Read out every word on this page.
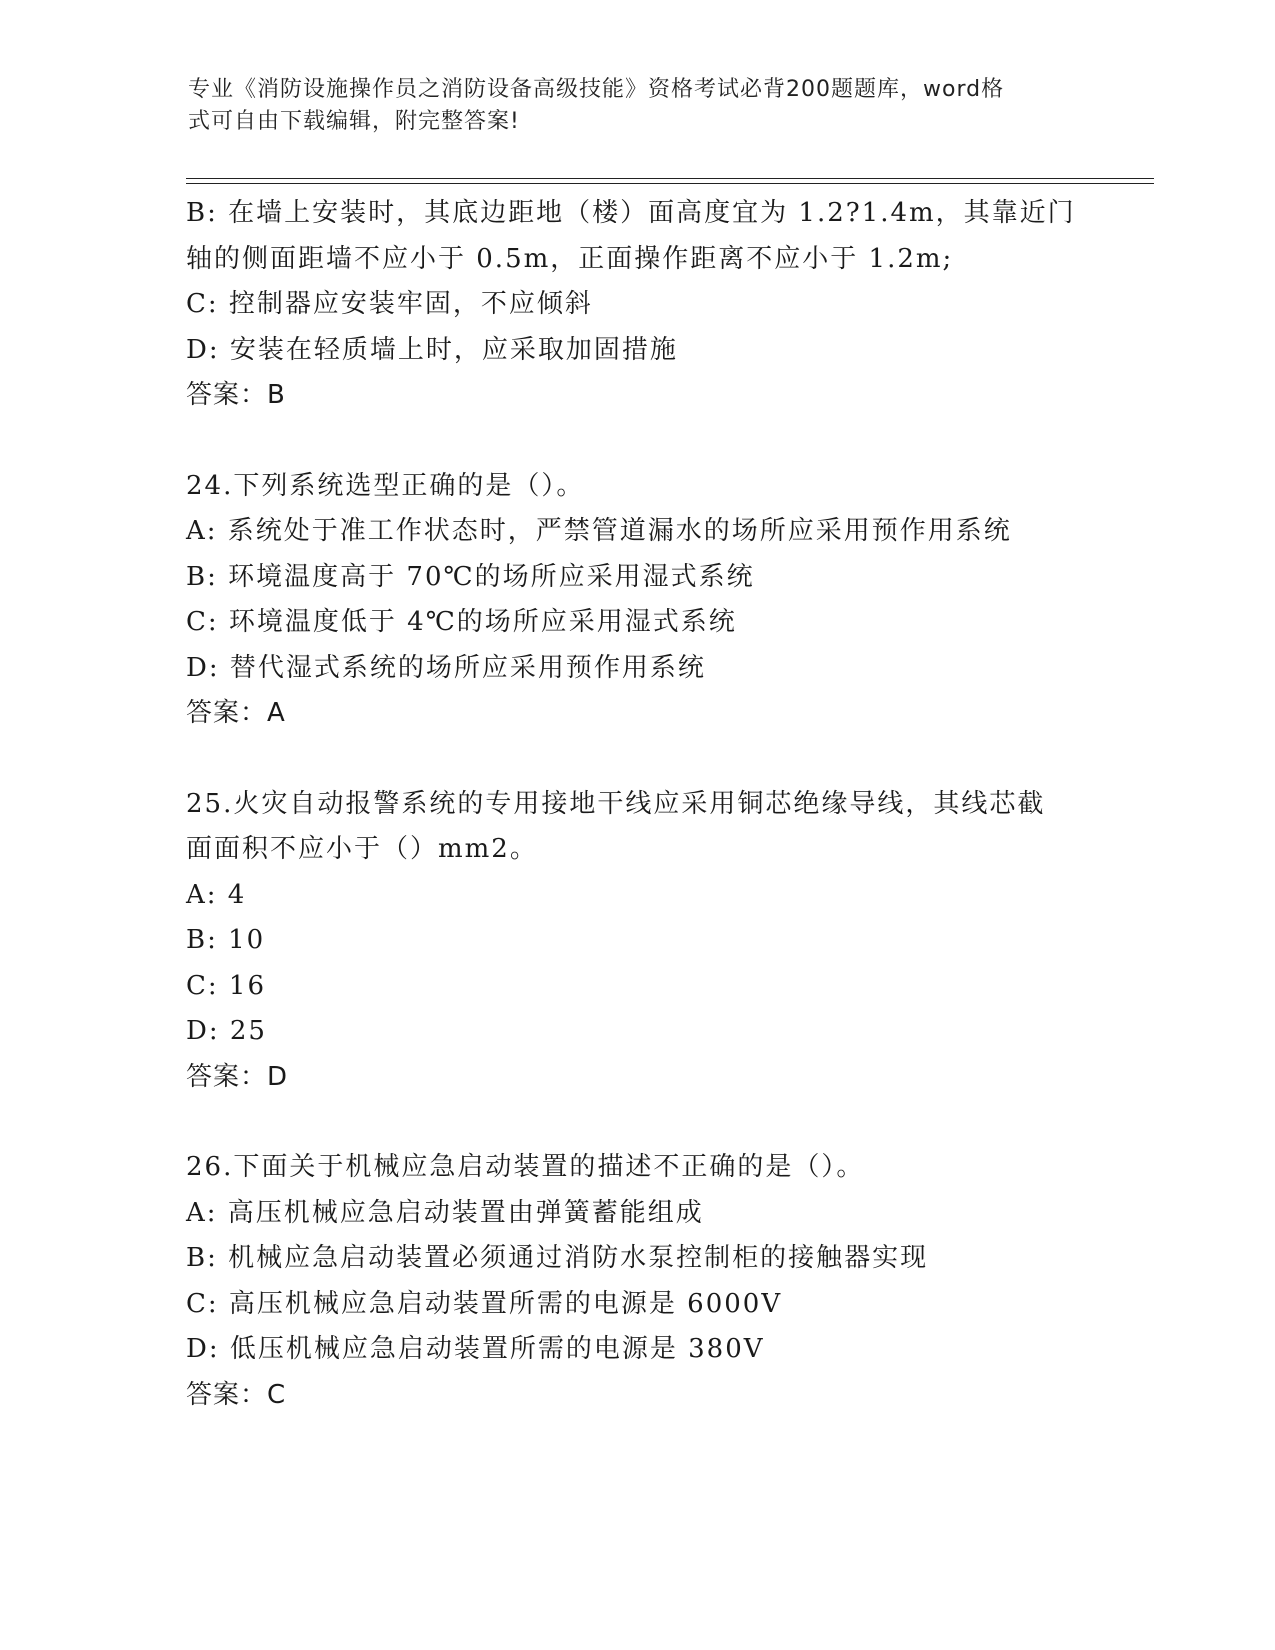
专业《消防设施操作员之消防设备高级技能》资格考试必背200题题库，word格
式可自由下载编辑，附完整答案!
B: 在墙上安装时，其底边距地（楼）面高度宜为 1.2?1.4m，其靠近门
轴的侧面距墙不应小于 0.5m，正面操作距离不应小于 1.2m;
C: 控制器应安装牢固，不应倾斜
D: 安装在轻质墙上时，应采取加固措施
答案：B
24.下列系统选型正确的是（）。
A: 系统处于准工作状态时，严禁管道漏水的场所应采用预作用系统
B: 环境温度高于 70℃的场所应采用湿式系统
C: 环境温度低于 4℃的场所应采用湿式系统
D: 替代湿式系统的场所应采用预作用系统
答案：A
25.火灾自动报警系统的专用接地干线应采用铜芯绝缘导线，其线芯截
面面积不应小于（）mm2。
A: 4
B: 10
C: 16
D: 25
答案：D
26.下面关于机械应急启动装置的描述不正确的是（）。
A: 高压机械应急启动装置由弹簧蓄能组成
B: 机械应急启动装置必须通过消防水泵控制柜的接触器实现
C: 高压机械应急启动装置所需的电源是 6000V
D: 低压机械应急启动装置所需的电源是 380V
答案：C
